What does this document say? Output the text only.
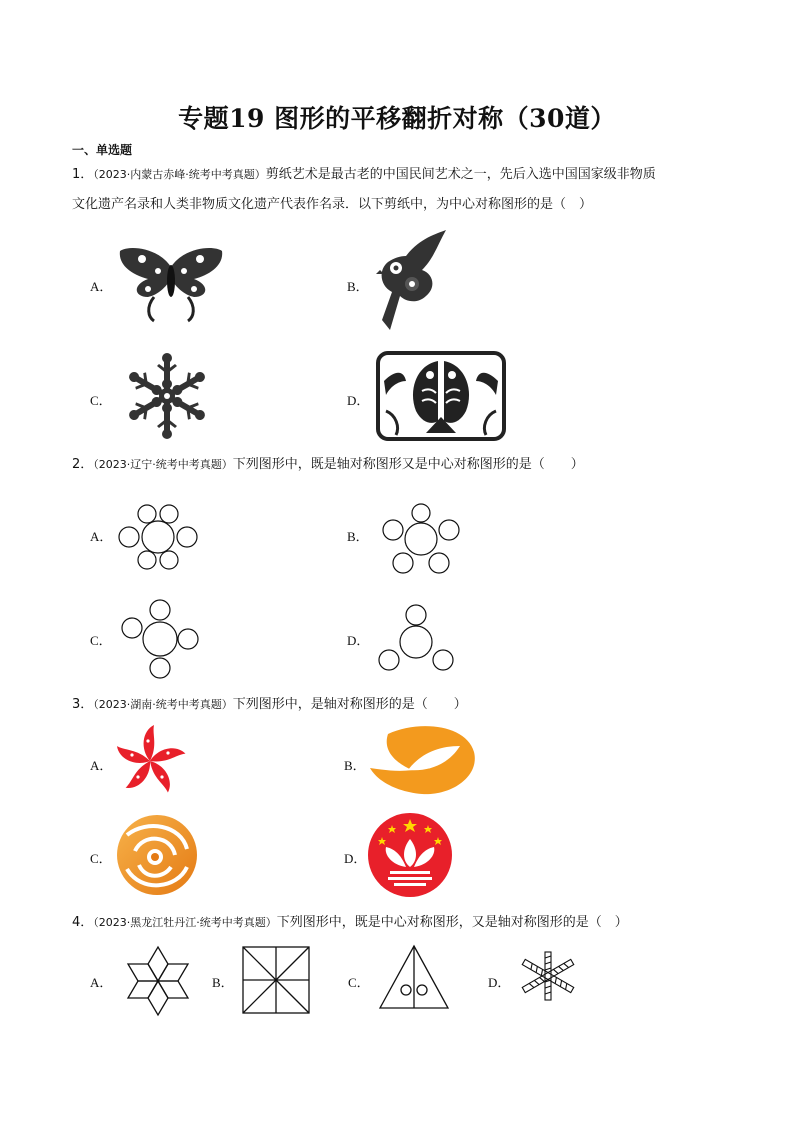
专题19 图形的平移翻折对称（30道）
一、单选题
1．（2023·内蒙古赤峰·统考中考真题）剪纸艺术是最古老的中国民间艺术之一，先后入选中国国家级非物质
文化遗产名录和人类非物质文化遗产代表作名录．以下剪纸中，为中心对称图形的是（　）
A．	B．
C．	D．
2．（2023·辽宁·统考中考真题）下列图形中，既是轴对称图形又是中心对称图形的是（　　）
A．	B．
C．	D．
3．（2023·湖南·统考中考真题）下列图形中，是轴对称图形的是（　　）
A．	B．
C．	D．
4．（2023·黑龙江牡丹江·统考中考真题）下列图形中，既是中心对称图形，又是轴对称图形的是（　）
A．	B．	C．	D．
